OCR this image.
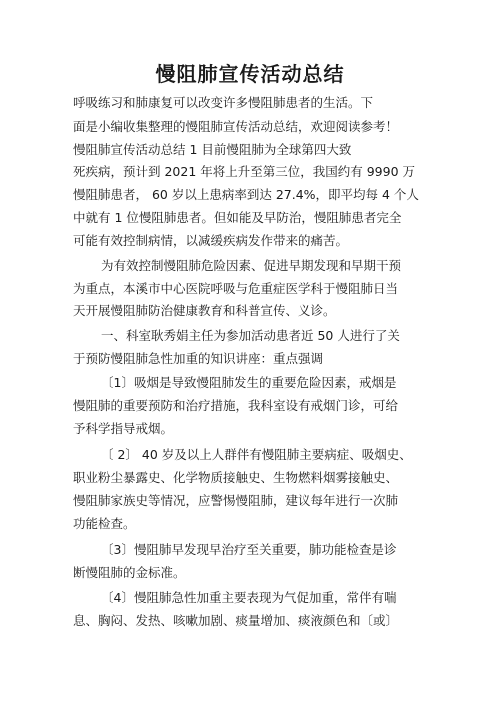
慢阻肺宣传活动总结
呼吸练习和肺康复可以改变许多慢阻肺患者的生活。下
面是小编收集整理的慢阻肺宣传活动总结，欢迎阅读参考！
慢阻肺宣传活动总结 1 目前慢阻肺为全球第四大致
死疾病，预计到 2021 年将上升至第三位，我国约有 9990 万
慢阻肺患者， 60 岁以上患病率到达 27.4%，即平均每 4 个人
中就有 1 位慢阻肺患者。但如能及早防治，慢阻肺患者完全
可能有效控制病情，以减缓疾病发作带来的痛苦。
为有效控制慢阻肺危险因素、促进早期发现和早期干预
为重点，本溪市中心医院呼吸与危重症医学科于慢阻肺日当
天开展慢阻肺防治健康教育和科普宣传、义诊。
一、科室耿秀娟主任为参加活动患者近 50 人进行了关
于预防慢阻肺急性加重的知识讲座：重点强调
〔1〕吸烟是导致慢阻肺发生的重要危险因素，戒烟是
慢阻肺的重要预防和治疗措施，我科室设有戒烟门诊，可给
予科学指导戒烟。
〔 2〕 40 岁及以上人群伴有慢阻肺主要病症、吸烟史、
职业粉尘暴露史、化学物质接触史、生物燃料烟雾接触史、
慢阻肺家族史等情况，应警惕慢阻肺，建议每年进行一次肺
功能检查。
〔3〕慢阻肺早发现早治疗至关重要，肺功能检查是诊
断慢阻肺的金标准。
〔4〕慢阻肺急性加重主要表现为气促加重，常伴有喘
息、胸闷、发热、咳嗽加剧、痰量增加、痰液颜色和〔或〕
